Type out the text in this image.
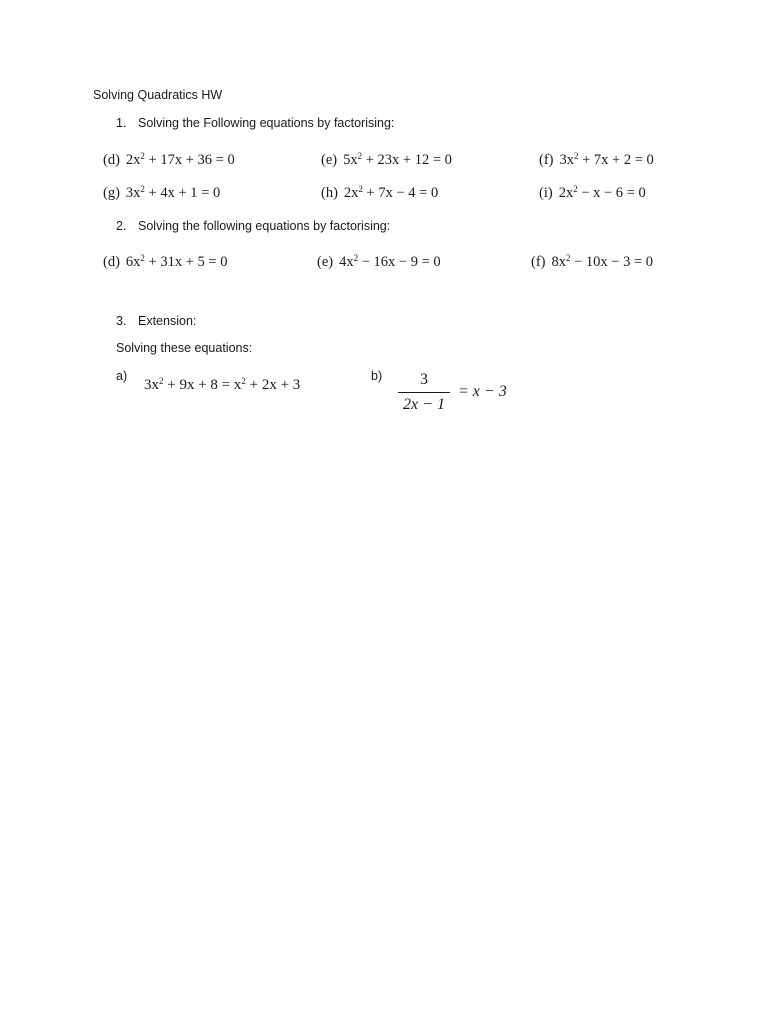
Solving Quadratics HW
1. Solving the Following equations by factorising:
(d) $2x^2 + 17x + 36 = 0$	(e) $5x^2 + 23x + 12 = 0$	(f) $3x^2 + 7x + 2 = 0$
(g) $3x^2 + 4x + 1 = 0$	(h) $2x^2 + 7x - 4 = 0$	(i) $2x^2 - x - 6 = 0$
2. Solving the following equations by factorising:
(d) $6x^2 + 31x + 5 = 0$	(e) $4x^2 - 16x - 9 = 0$	(f) $8x^2 - 10x - 3 = 0$
3. Extension:
Solving these equations:
a)
$3x^2 + 9x + 8 = x^2 + 2x + 3$
b) 3
2x − 1
= x − 3
